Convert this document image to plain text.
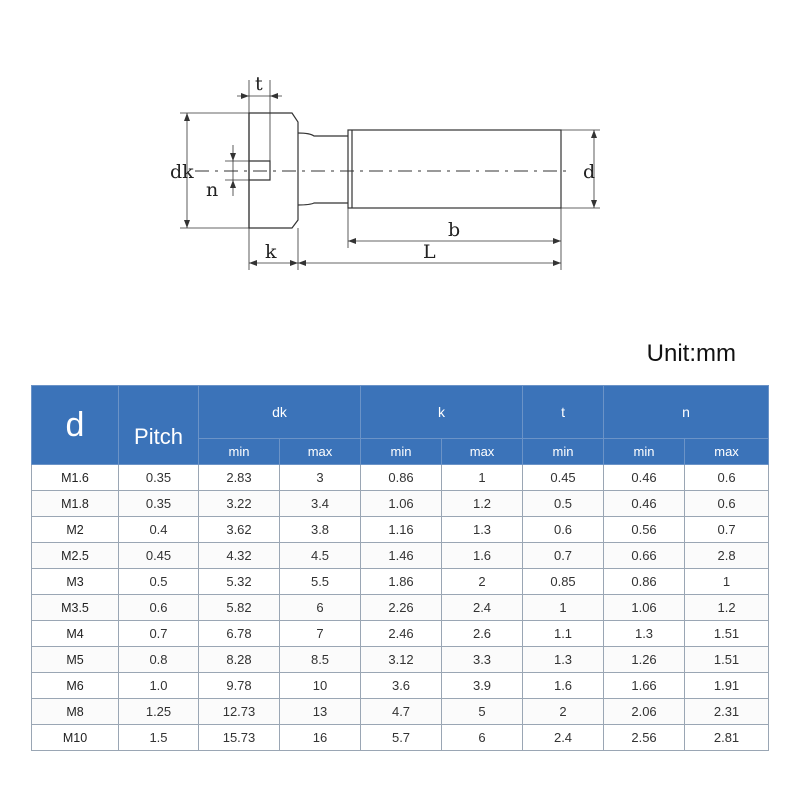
t
dk
n
d
b
k	L
Unit:mm
d	Pitch	dk		k		t	n	
		min	max	min	max	min	min	max
M1.6	0.35	2.83	3	0.86	1	0.45	0.46	0.6
M1.8	0.35	3.22	3.4	1.06	1.2	0.5	0.46	0.6
M2	0.4	3.62	3.8	1.16	1.3	0.6	0.56	0.7
M2.5	0.45	4.32	4.5	1.46	1.6	0.7	0.66	2.8
M3	0.5	5.32	5.5	1.86	2	0.85	0.86	1
M3.5	0.6	5.82	6	2.26	2.4	1	1.06	1.2
M4	0.7	6.78	7	2.46	2.6	1.1	1.3	1.51
M5	0.8	8.28	8.5	3.12	3.3	1.3	1.26	1.51
M6	1.0	9.78	10	3.6	3.9	1.6	1.66	1.91
M8	1.25	12.73	13	4.7	5	2	2.06	2.31
M10	1.5	15.73	16	5.7	6	2.4	2.56	2.81
